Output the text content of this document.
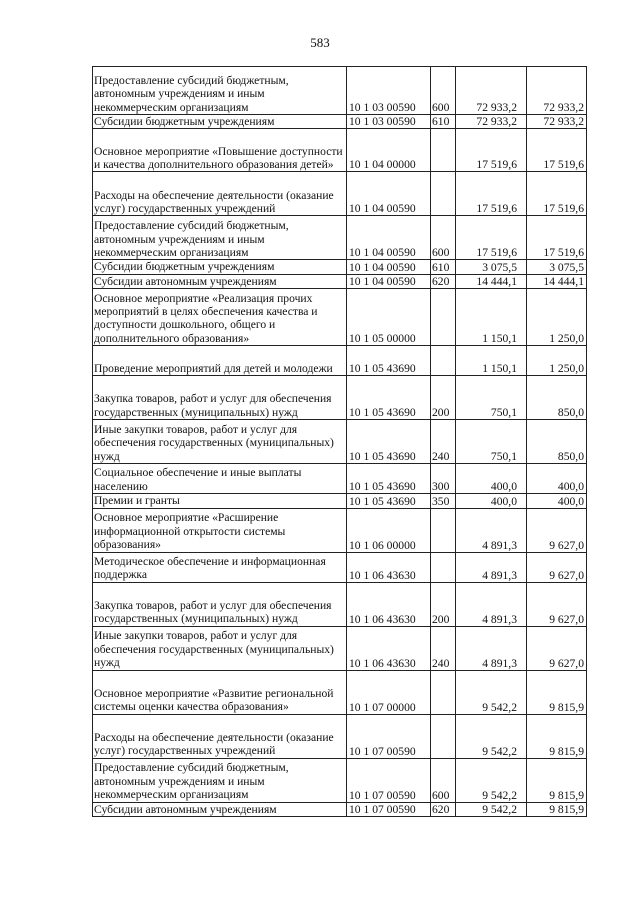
583
Предоставление субсидий бюджетным, автономным учреждениям и иным некоммерческим организациям	10 1 03 00590	600	72 933,2	72 933,2
Субсидии бюджетным учреждениям	10 1 03 00590	610	72 933,2	72 933,2
Основное мероприятие «Повышение доступности и качества дополнительного образования детей»	10 1 04 00000		17 519,6	17 519,6
Расходы на обеспечение деятельности (оказание услуг) государственных учреждений	10 1 04 00590		17 519,6	17 519,6
Предоставление субсидий бюджетным, автономным учреждениям и иным некоммерческим организациям	10 1 04 00590	600	17 519,6	17 519,6
Субсидии бюджетным учреждениям	10 1 04 00590	610	3 075,5	3 075,5
Субсидии автономным учреждениям	10 1 04 00590	620	14 444,1	14 444,1
Основное мероприятие «Реализация прочих мероприятий в целях обеспечения качества и доступности дошкольного, общего и дополнительного образования»	10 1 05 00000		1 150,1	1 250,0
Проведение мероприятий для детей и молодежи	10 1 05 43690		1 150,1	1 250,0
Закупка товаров, работ и услуг для обеспечения государственных (муниципальных) нужд	10 1 05 43690	200	750,1	850,0
Иные закупки товаров, работ и услуг для обеспечения государственных (муниципальных) нужд	10 1 05 43690	240	750,1	850,0
Социальное обеспечение и иные выплаты населению	10 1 05 43690	300	400,0	400,0
Премии и гранты	10 1 05 43690	350	400,0	400,0
Основное мероприятие «Расширение информационной открытости системы образования»	10 1 06 00000		4 891,3	9 627,0
Методическое обеспечение и информационная поддержка	10 1 06 43630		4 891,3	9 627,0
Закупка товаров, работ и услуг для обеспечения государственных (муниципальных) нужд	10 1 06 43630	200	4 891,3	9 627,0
Иные закупки товаров, работ и услуг для обеспечения государственных (муниципальных) нужд	10 1 06 43630	240	4 891,3	9 627,0
Основное мероприятие «Развитие региональной системы оценки качества образования»	10 1 07 00000		9 542,2	9 815,9
Расходы на обеспечение деятельности (оказание услуг) государственных учреждений	10 1 07 00590		9 542,2	9 815,9
Предоставление субсидий бюджетным, автономным учреждениям и иным некоммерческим организациям	10 1 07 00590	600	9 542,2	9 815,9
Субсидии автономным учреждениям	10 1 07 00590	620	9 542,2	9 815,9
